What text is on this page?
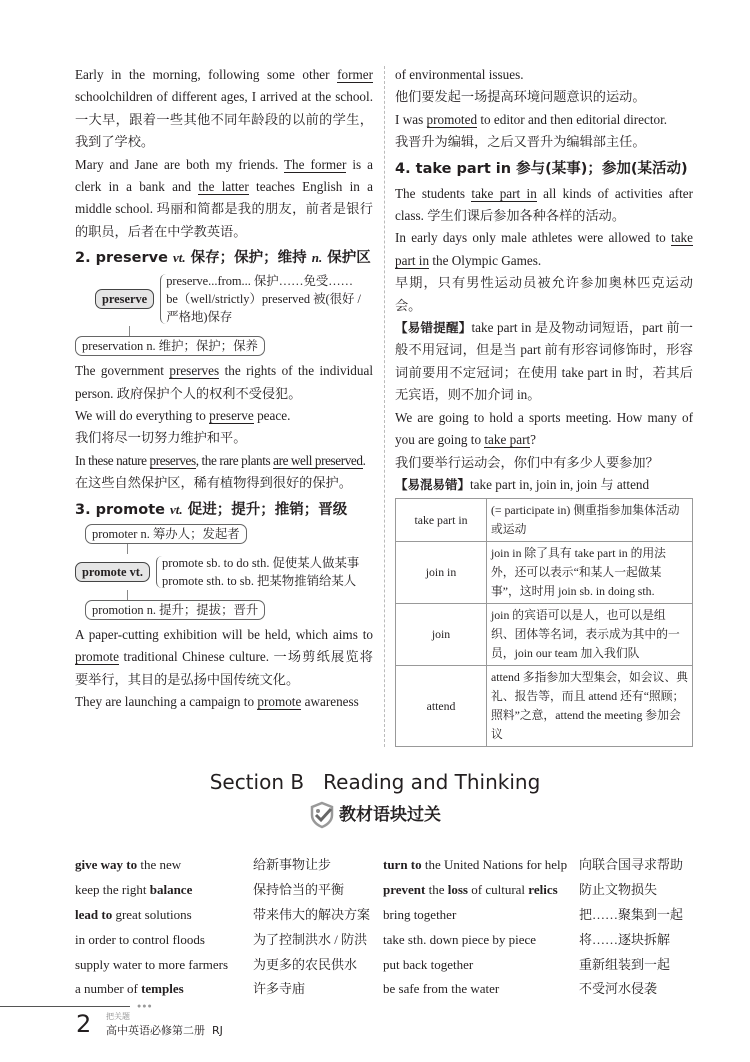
Early in the morning, following some other former schoolchildren of different ages, I arrived at the school. 一大早，跟着一些其他不同年龄段的以前的学生，我到了学校。

Mary and Jane are both my friends. The former is a clerk in a bank and the latter teaches English in a middle school. 玛丽和简都是我的朋友，前者是银行的职员，后者在中学教英语。

2. preserve vt. 保存；保护；维持 n. 保护区
preserve
preserve...from... 保护……免受……
be（well/strictly）preserved 被(很好 / 严格地)保存
preservation n. 维护；保护；保养

The government preserves the rights of the individual person. 政府保护个人的权利不受侵犯。

We will do everything to preserve peace.

我们将尽一切努力维护和平。

In these nature preserves, the rare plants are well preserved.

在这些自然保护区，稀有植物得到很好的保护。

3. promote vt. 促进；提升；推销；晋级
promoter n. 筹办人；发起者
promote vt.
promote sb. to do sth. 促使某人做某事
promote sth. to sb. 把某物推销给某人
promotion n. 提升；提拔；晋升

A paper-cutting exhibition will be held, which aims to promote traditional Chinese culture. 一场剪纸展览将要举行，其目的是弘扬中国传统文化。

They are launching a campaign to promote awareness

of environmental issues.

他们要发起一场提高环境问题意识的运动。

I was promoted to editor and then editorial director.

我晋升为编辑，之后又晋升为编辑部主任。

4. take part in 参与(某事)；参加(某活动)

The students take part in all kinds of activities after class. 学生们课后参加各种各样的活动。

In early days only male athletes were allowed to take part in the Olympic Games.

早期，只有男性运动员被允许参加奥林匹克运动会。

【易错提醒】take part in 是及物动词短语，part 前一般不用冠词，但是当 part 前有形容词修饰时，形容词前要用不定冠词；在使用 take part in 时，若其后无宾语，则不加介词 in。

We are going to hold a sports meeting. How many of you are going to take part?

我们要举行运动会，你们中有多少人要参加？

【易混易错】take part in, join in, join 与 attend

take part in	(= participate in) 侧重指参加集体活动或运动
join in	join in 除了具有 take part in 的用法外，还可以表示“和某人一起做某事”，这时用 join sb. in doing sth.
join	join 的宾语可以是人，也可以是组织、团体等名词，表示成为其中的一员，join our team 加入我们队
attend	attend 多指参加大型集会，如会议、典礼、报告等，而且 attend 还有“照顾；照料”之意，attend the meeting 参加会议
Section B   Reading and Thinking
教材语块过关
give way to the new	给新事物让步
keep the right balance	保持恰当的平衡
lead to great solutions	带来伟大的解决方案
in order to control floods	为了控制洪水 / 防洪
supply water to more farmers	为更多的农民供水
a number of temples	许多寺庙
turn to the United Nations for help 向联合国寻求帮助
prevent the loss of cultural relics	防止文物损失
bring together	把……聚集到一起
take sth. down piece by piece	将……逐块拆解
put back together	重新组装到一起
be safe from the water	不受河水侵袭
●●●
2 把关题
高中英语必修第二册  RJ
